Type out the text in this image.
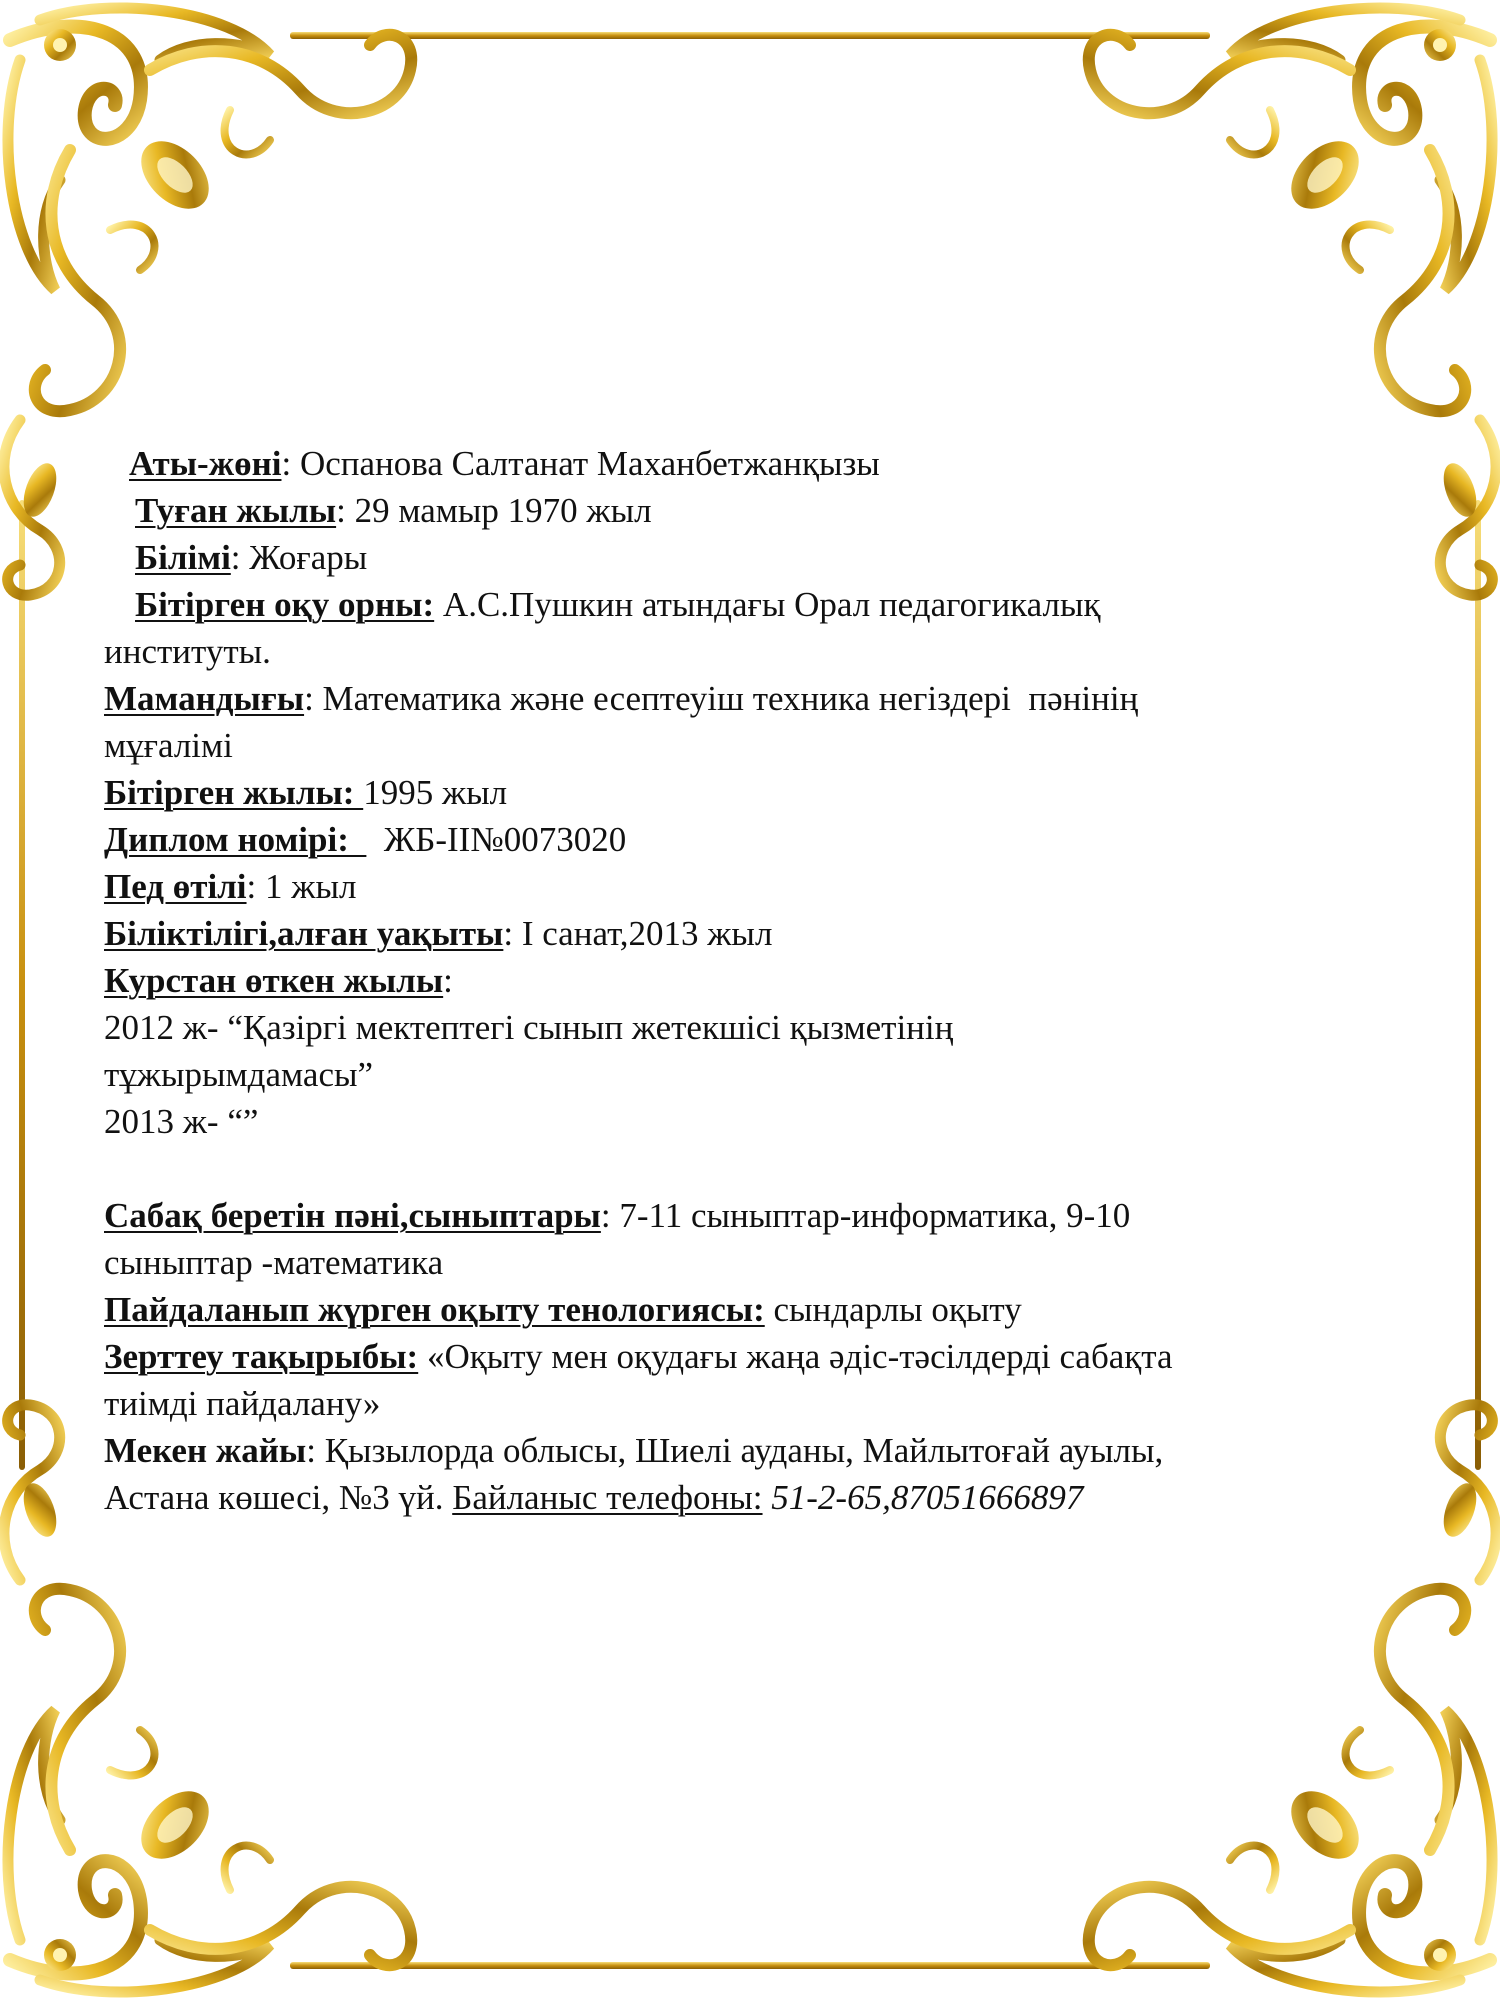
Аты-жөні: Оспанова Салтанат Маханбетжанқызы

Туған жылы: 29 мамыр 1970 жыл

Білімі: Жоғары

Бітірген оқу орны: А.С.Пушкин атындағы Орал педагогикалық

институты.

Мамандығы: Математика және есептеуіш техника негіздері  пәнінің

мұғалімі

Бітірген жылы: 1995 жыл

Диплом номірі:    ЖБ-II№0073020

Пед өтілі: 1 жыл

Біліктілігі,алған уақыты: I санат,2013 жыл

Курстан өткен жылы:

2012 ж- “Қазіргі мектептегі сынып жетекшісі қызметінің

тұжырымдамасы”

2013 ж- “”

Сабақ беретін пәні,сыныптары: 7-11 сыныптар-информатика, 9-10

сыныптар -математика

Пайдаланып жүрген оқыту тенологиясы: сындарлы оқыту

Зерттеу тақырыбы: «Оқыту мен оқудағы жаңа әдіс-тәсілдерді сабақта

тиімді пайдалану»

Мекен жайы: Қызылорда облысы, Шиелі ауданы, Майлытоғай ауылы,

Астана көшесі, №3 үй. Байланыс телефоны: 51-2-65,87051666897
